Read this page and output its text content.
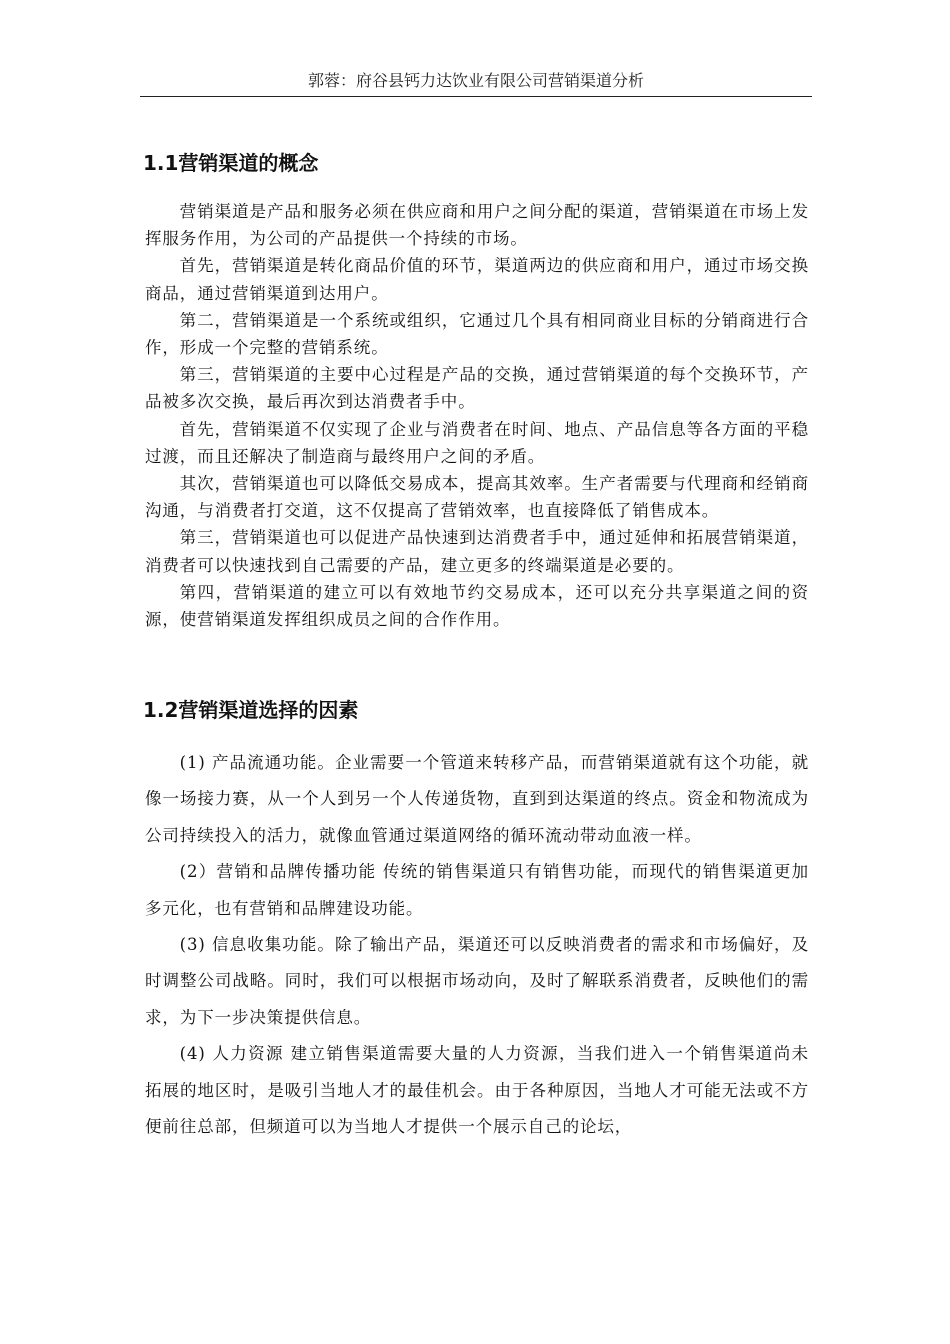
郭蓉：府谷县钙力达饮业有限公司营销渠道分析
1.1营销渠道的概念

营销渠道是产品和服务必须在供应商和用户之间分配的渠道，营销渠道在市场上发挥服务作用，为公司的产品提供一个持续的市场。

首先，营销渠道是转化商品价值的环节，渠道两边的供应商和用户，通过市场交换商品，通过营销渠道到达用户。

第二，营销渠道是一个系统或组织，它通过几个具有相同商业目标的分销商进行合作，形成一个完整的营销系统。

第三，营销渠道的主要中心过程是产品的交换，通过营销渠道的每个交换环节，产品被多次交换，最后再次到达消费者手中。

首先，营销渠道不仅实现了企业与消费者在时间、地点、产品信息等各方面的平稳过渡，而且还解决了制造商与最终用户之间的矛盾。

其次，营销渠道也可以降低交易成本，提高其效率。生产者需要与代理商和经销商沟通，与消费者打交道，这不仅提高了营销效率，也直接降低了销售成本。

第三，营销渠道也可以促进产品快速到达消费者手中，通过延伸和拓展营销渠道，消费者可以快速找到自己需要的产品，建立更多的终端渠道是必要的。

第四，营销渠道的建立可以有效地节约交易成本，还可以充分共享渠道之间的资源，使营销渠道发挥组织成员之间的合作作用。

1.2营销渠道选择的因素

(1) 产品流通功能。企业需要一个管道来转移产品，而营销渠道就有这个功能，就像一场接力赛，从一个人到另一个人传递货物，直到到达渠道的终点。资金和物流成为公司持续投入的活力，就像血管通过渠道网络的循环流动带动血液一样。

(2）营销和品牌传播功能 传统的销售渠道只有销售功能，而现代的销售渠道更加多元化，也有营销和品牌建设功能。

(3) 信息收集功能。除了输出产品，渠道还可以反映消费者的需求和市场偏好，及时调整公司战略。同时，我们可以根据市场动向，及时了解联系消费者，反映他们的需求，为下一步决策提供信息。

(4) 人力资源 建立销售渠道需要大量的人力资源，当我们进入一个销售渠道尚未拓展的地区时，是吸引当地人才的最佳机会。由于各种原因，当地人才可能无法或不方便前往总部，但频道可以为当地人才提供一个展示自己的论坛，
